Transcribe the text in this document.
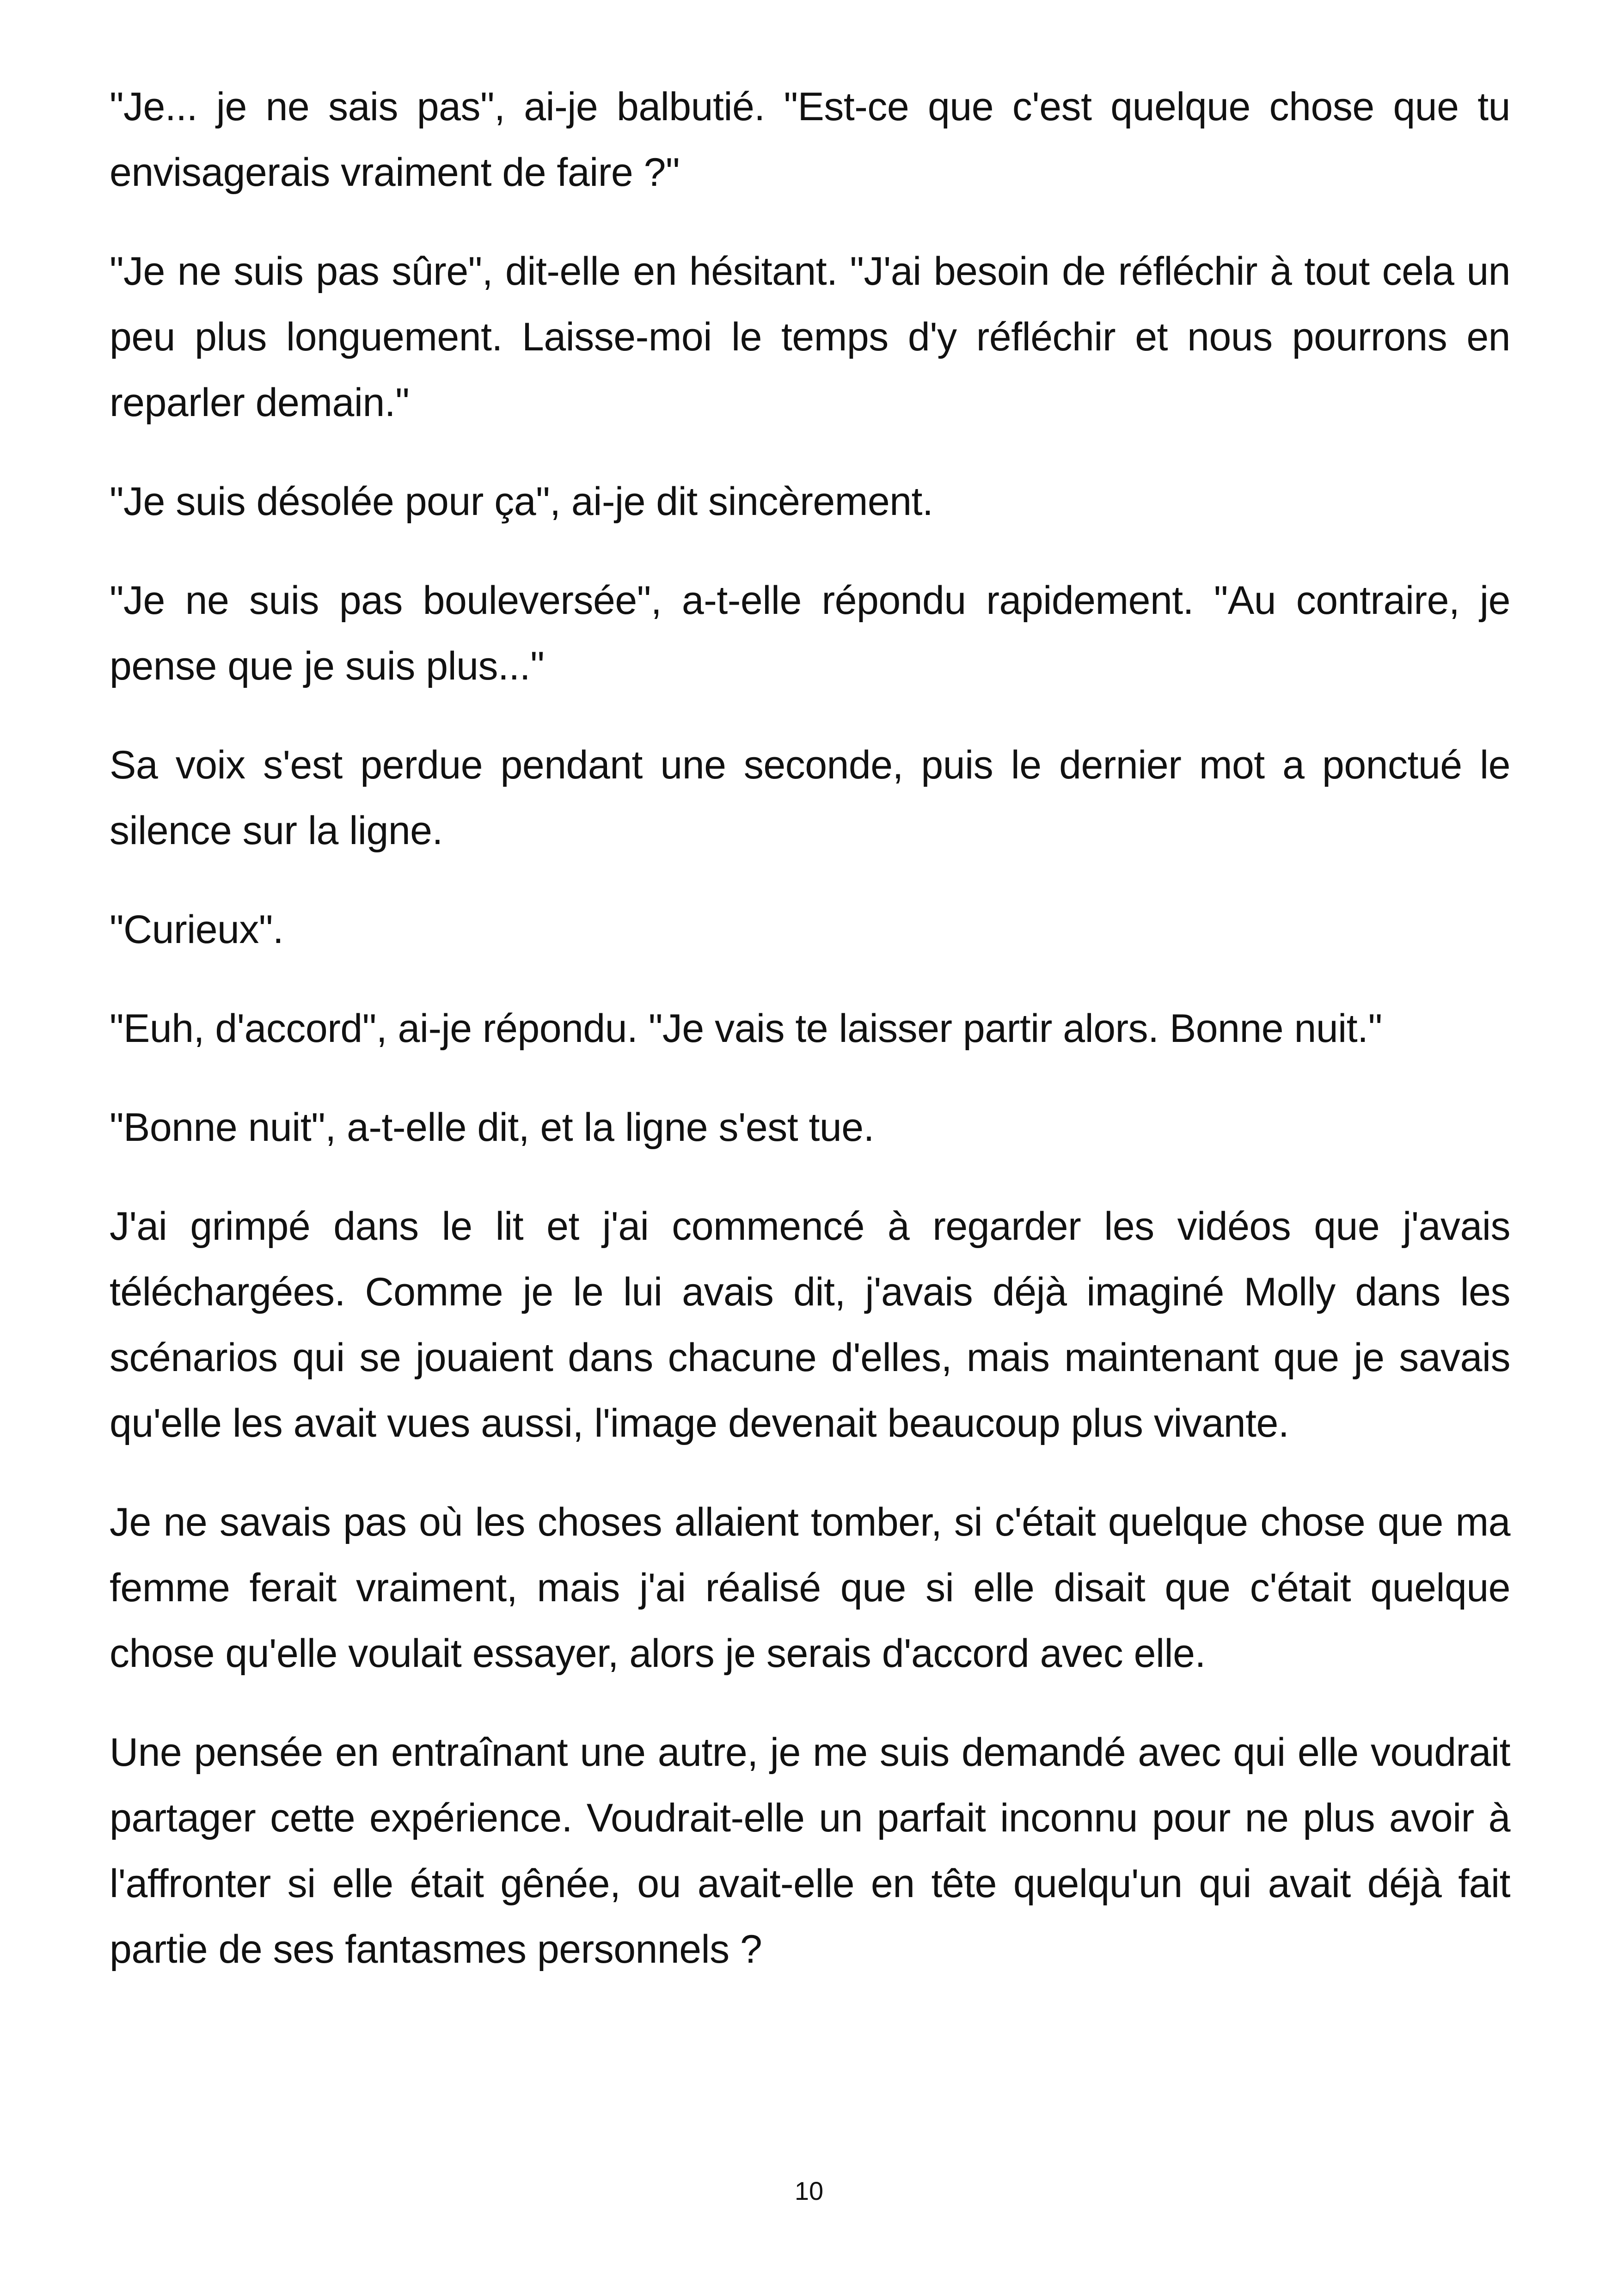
"Je... je ne sais pas", ai-je balbutié. "Est-ce que c'est quelque chose que tu envisagerais vraiment de faire ?"

"Je ne suis pas sûre", dit-elle en hésitant. "J'ai besoin de réfléchir à tout cela un peu plus longuement. Laisse-moi le temps d'y réfléchir et nous pourrons en reparler demain."

"Je suis désolée pour ça", ai-je dit sincèrement.

"Je ne suis pas bouleversée", a-t-elle répondu rapidement. "Au contraire, je pense que je suis plus..."

Sa voix s'est perdue pendant une seconde, puis le dernier mot a ponctué le silence sur la ligne.

"Curieux".

"Euh, d'accord", ai-je répondu. "Je vais te laisser partir alors. Bonne nuit."

"Bonne nuit", a-t-elle dit, et la ligne s'est tue.

J'ai grimpé dans le lit et j'ai commencé à regarder les vidéos que j'avais téléchargées. Comme je le lui avais dit, j'avais déjà imaginé Molly dans les scénarios qui se jouaient dans chacune d'elles, mais maintenant que je savais qu'elle les avait vues aussi, l'image devenait beaucoup plus vivante.

Je ne savais pas où les choses allaient tomber, si c'était quelque chose que ma femme ferait vraiment, mais j'ai réalisé que si elle disait que c'était quelque chose qu'elle voulait essayer, alors je serais d'accord avec elle.

Une pensée en entraînant une autre, je me suis demandé avec qui elle voudrait partager cette expérience. Voudrait-elle un parfait inconnu pour ne plus avoir à l'affronter si elle était gênée, ou avait-elle en tête quelqu'un qui avait déjà fait partie de ses fantasmes personnels ?

10
